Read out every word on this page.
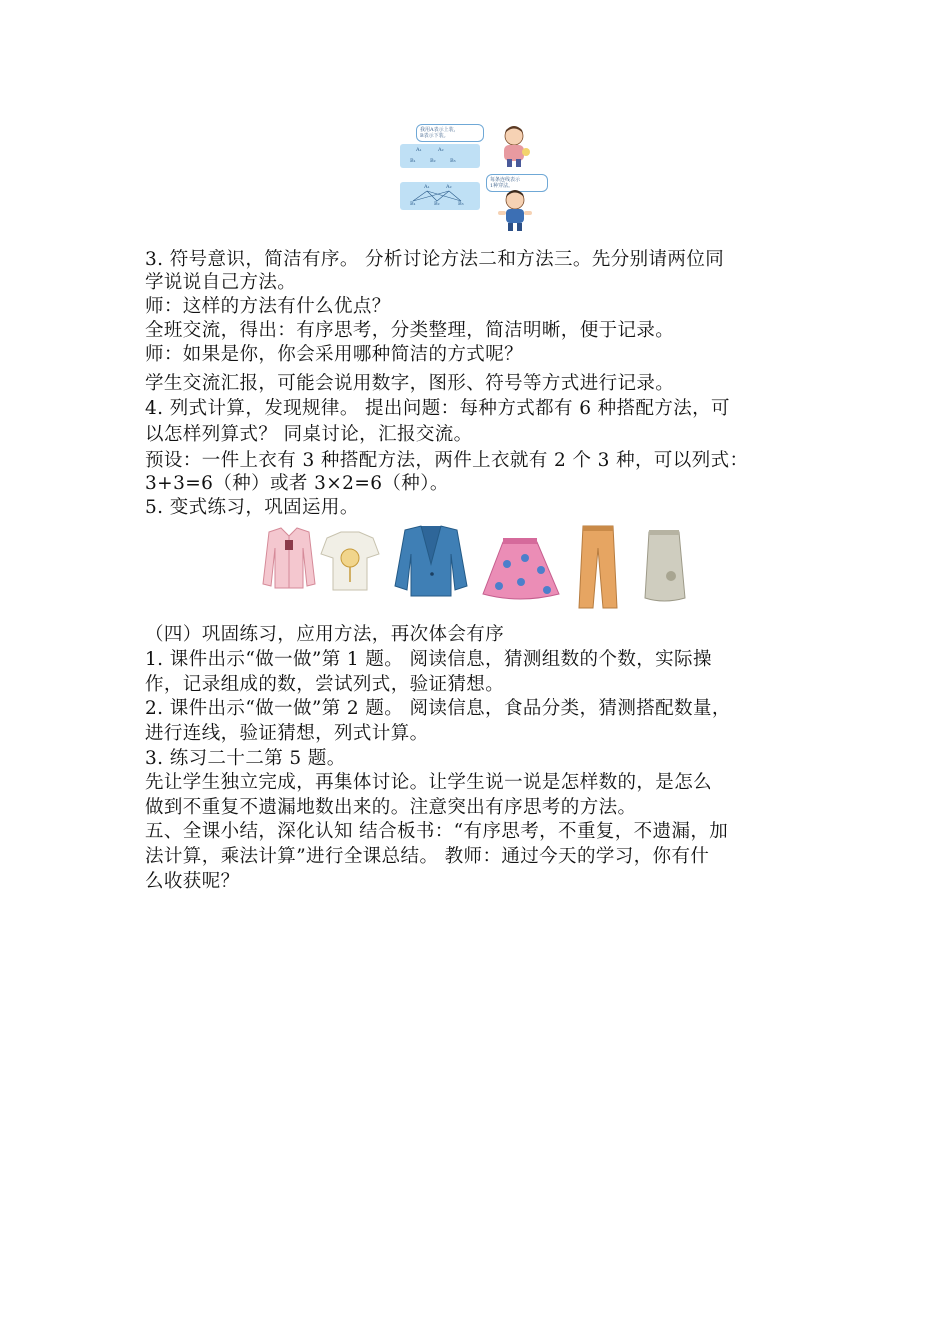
我用A表示上装，
B表示下装。
A₁	A₂
B₁	B₂	B₃
每条连线表示
1种穿法。
A₁	A₂
B₁	B₂	B₃
3. 符号意识，简洁有序。 分析讨论方法二和方法三。先分别请两位同
学说说自己方法。
师：这样的方法有什么优点？
全班交流，得出：有序思考，分类整理，简洁明晰，便于记录。
师：如果是你，你会采用哪种简洁的方式呢？
学生交流汇报，可能会说用数字，图形、符号等方式进行记录。
4. 列式计算，发现规律。 提出问题：每种方式都有 6 种搭配方法，可
以怎样列算式？ 同桌讨论，汇报交流。
预设：一件上衣有 3 种搭配方法，两件上衣就有 2 个 3 种，可以列式：
3+3=6（种）或者 3×2=6（种）。
5. 变式练习，巩固运用。
（四）巩固练习，应用方法，再次体会有序
1. 课件出示“做一做”第 1 题。 阅读信息，猜测组数的个数，实际操
作，记录组成的数，尝试列式，验证猜想。
2. 课件出示“做一做”第 2 题。 阅读信息，食品分类，猜测搭配数量，
进行连线，验证猜想，列式计算。
3. 练习二十二第 5 题。
先让学生独立完成，再集体讨论。让学生说一说是怎样数的，是怎么
做到不重复不遗漏地数出来的。注意突出有序思考的方法。
五、全课小结，深化认知 结合板书：“有序思考，不重复，不遗漏，加
法计算，乘法计算”进行全课总结。 教师：通过今天的学习，你有什
么收获呢？
